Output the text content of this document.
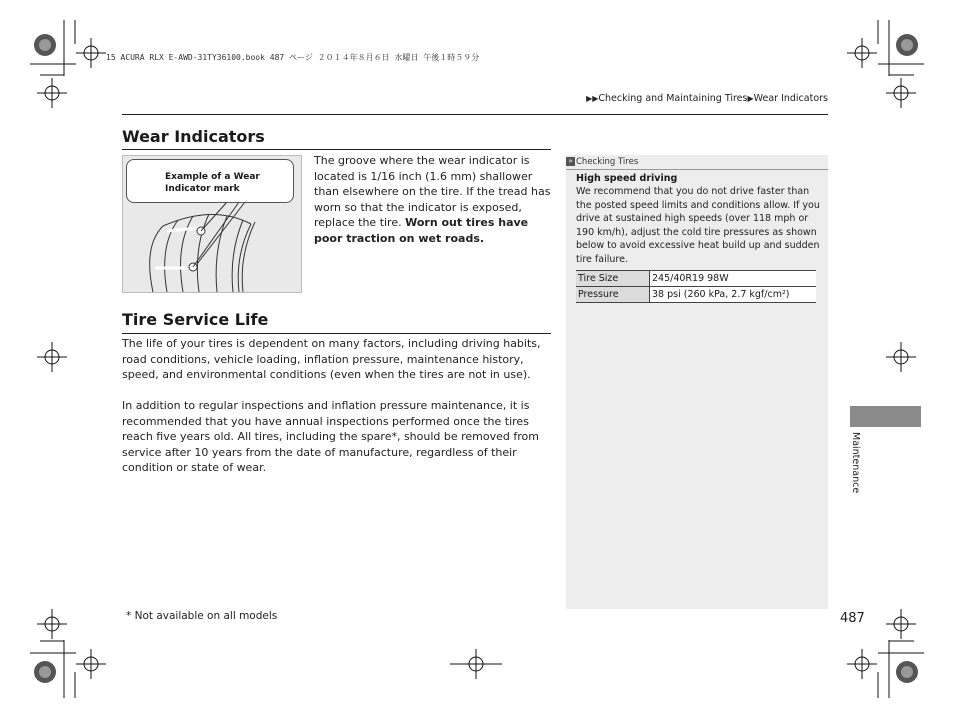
15 ACURA RLX E-AWD-31TY36100.book 487 ページ ２０１４年８月６日 水曜日 午後１時５９分
▶▶Checking and Maintaining Tires▶Wear Indicators
Wear Indicators
Example of a Wear Indicator mark
The groove where the wear indicator is located is 1/16 inch (1.6 mm) shallower than elsewhere on the tire. If the tread has worn so that the indicator is exposed, replace the tire. Worn out tires have poor traction on wet roads.
Tire Service Life
The life of your tires is dependent on many factors, including driving habits, road conditions, vehicle loading, inflation pressure, maintenance history, speed, and environmental conditions (even when the tires are not in use).
In addition to regular inspections and inflation pressure maintenance, it is recommended that you have annual inspections performed once the tires reach five years old. All tires, including the spare*, should be removed from service after 10 years from the date of manufacture, regardless of their condition or state of wear.
» Checking Tires
High speed driving
We recommend that you do not drive faster than the posted speed limits and conditions allow. If you drive at sustained high speeds (over 118 mph or 190 km/h), adjust the cold tire pressures as shown below to avoid excessive heat build up and sudden tire failure.
Tire Size	245/40R19 98W
Pressure	38 psi (260 kPa, 2.7 kgf/cm²)
Maintenance
* Not available on all models	487
